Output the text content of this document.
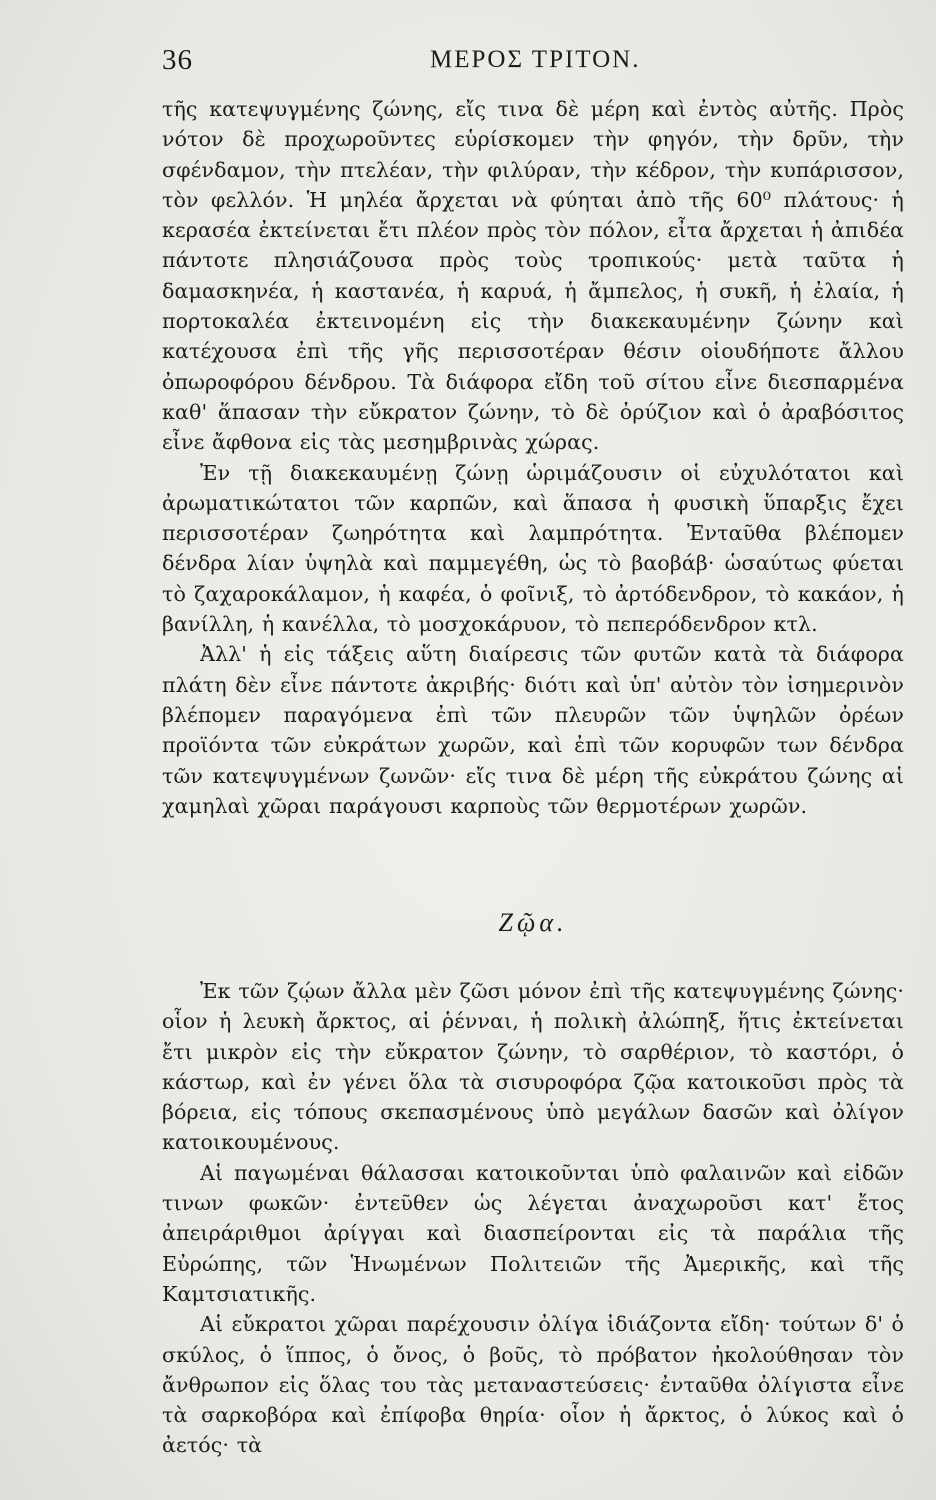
36	ΜΕΡΟΣ ΤΡΙΤΟΝ.

τῆς κατεψυγμένης ζώνης, εἴς τινα δὲ μέρη καὶ ἐντὸς αὐτῆς. Πρὸς νότον δὲ προχωροῦντες εὑρίσκομεν τὴν φηγόν, τὴν δρῦν, τὴν σφένδαμον, τὴν πτελέαν, τὴν φιλύραν, τὴν κέδρον, τὴν κυπάρισσον, τὸν φελλόν. Ἡ μηλέα ἄρχεται νὰ φύηται ἀπὸ τῆς 60⁰ πλάτους· ἡ κερασέα ἐκτείνεται ἔτι πλέον πρὸς τὸν πόλον, εἶτα ἄρχεται ἡ ἀπιδέα πάντοτε πλησιάζουσα πρὸς τοὺς τροπικούς· μετὰ ταῦτα ἡ δαμασκηνέα, ἡ καστανέα, ἡ καρυά, ἡ ἄμπελος, ἡ συκῆ, ἡ ἐλαία, ἡ πορτοκαλέα ἐκτεινομένη εἰς τὴν διακεκαυμένην ζώνην καὶ κατέχουσα ἐπὶ τῆς γῆς περισσοτέραν θέσιν οἱουδήποτε ἄλλου ὀπωροφόρου δένδρου. Τὰ διάφορα εἴδη τοῦ σίτου εἶνε διεσπαρμένα καθ' ἅπασαν τὴν εὔκρατον ζώνην, τὸ δὲ ὀρύζιον καὶ ὁ ἀραβόσιτος εἶνε ἄφθονα εἰς τὰς μεσημβρινὰς χώρας.

Ἐν τῇ διακεκαυμένῃ ζώνῃ ὡριμάζουσιν οἱ εὐχυλότατοι καὶ ἀρωματικώτατοι τῶν καρπῶν, καὶ ἅπασα ἡ φυσικὴ ὕπαρξις ἔχει περισσοτέραν ζωηρότητα καὶ λαμπρότητα. Ἐνταῦθα βλέπομεν δένδρα λίαν ὑψηλὰ καὶ παμμεγέθη, ὡς τὸ βαοβάβ· ὡσαύτως φύεται τὸ ζαχαροκάλαμον, ἡ καφέα, ὁ φοῖνιξ, τὸ ἀρτόδενδρον, τὸ κακάον, ἡ βανίλλη, ἡ κανέλλα, τὸ μοσχοκάρυον, τὸ πεπερόδενδρον κτλ.

Ἀλλ' ἡ εἰς τάξεις αὕτη διαίρεσις τῶν φυτῶν κατὰ τὰ διάφορα πλάτη δὲν εἶνε πάντοτε ἀκριβής· διότι καὶ ὑπ' αὐτὸν τὸν ἰσημερινὸν βλέπομεν παραγόμενα ἐπὶ τῶν πλευρῶν τῶν ὑψηλῶν ὀρέων προϊόντα τῶν εὐκράτων χωρῶν, καὶ ἐπὶ τῶν κορυφῶν των δένδρα τῶν κατεψυγμένων ζωνῶν· εἴς τινα δὲ μέρη τῆς εὐκράτου ζώνης αἱ χαμηλαὶ χῶραι παράγουσι καρποὺς τῶν θερμοτέρων χωρῶν.

Ζῷα.

Ἐκ τῶν ζῴων ἄλλα μὲν ζῶσι μόνον ἐπὶ τῆς κατεψυγμένης ζώνης· οἷον ἡ λευκὴ ἄρκτος, αἱ ῥένναι, ἡ πολικὴ ἀλώπηξ, ἥτις ἐκτείνεται ἔτι μικρὸν εἰς τὴν εὔκρατον ζώνην, τὸ σαρθέριον, τὸ καστόρι, ὁ κάστωρ, καὶ ἐν γένει ὅλα τὰ σισυροφόρα ζῷα κατοικοῦσι πρὸς τὰ βόρεια, εἰς τόπους σκεπασμένους ὑπὸ μεγάλων δασῶν καὶ ὀλίγον κατοικουμένους.

Αἱ παγωμέναι θάλασσαι κατοικοῦνται ὑπὸ φαλαινῶν καὶ εἰδῶν τινων φωκῶν· ἐντεῦθεν ὡς λέγεται ἀναχωροῦσι κατ' ἔτος ἀπειράριθμοι ἀρίγγαι καὶ διασπείρονται εἰς τὰ παράλια τῆς Εὐρώπης, τῶν Ἡνωμένων Πολιτειῶν τῆς Ἀμερικῆς, καὶ τῆς Καμτσιατικῆς.

Αἱ εὔκρατοι χῶραι παρέχουσιν ὀλίγα ἰδιάζοντα εἴδη· τούτων δ' ὁ σκύλος, ὁ ἵππος, ὁ ὄνος, ὁ βοῦς, τὸ πρόβατον ἠκολούθησαν τὸν ἄνθρωπον εἰς ὅλας του τὰς μεταναστεύσεις· ἐνταῦθα ὀλίγιστα εἶνε τὰ σαρκοβόρα καὶ ἐπίφοβα θηρία· οἷον ἡ ἄρκτος, ὁ λύκος καὶ ὁ ἀετός· τὰ
